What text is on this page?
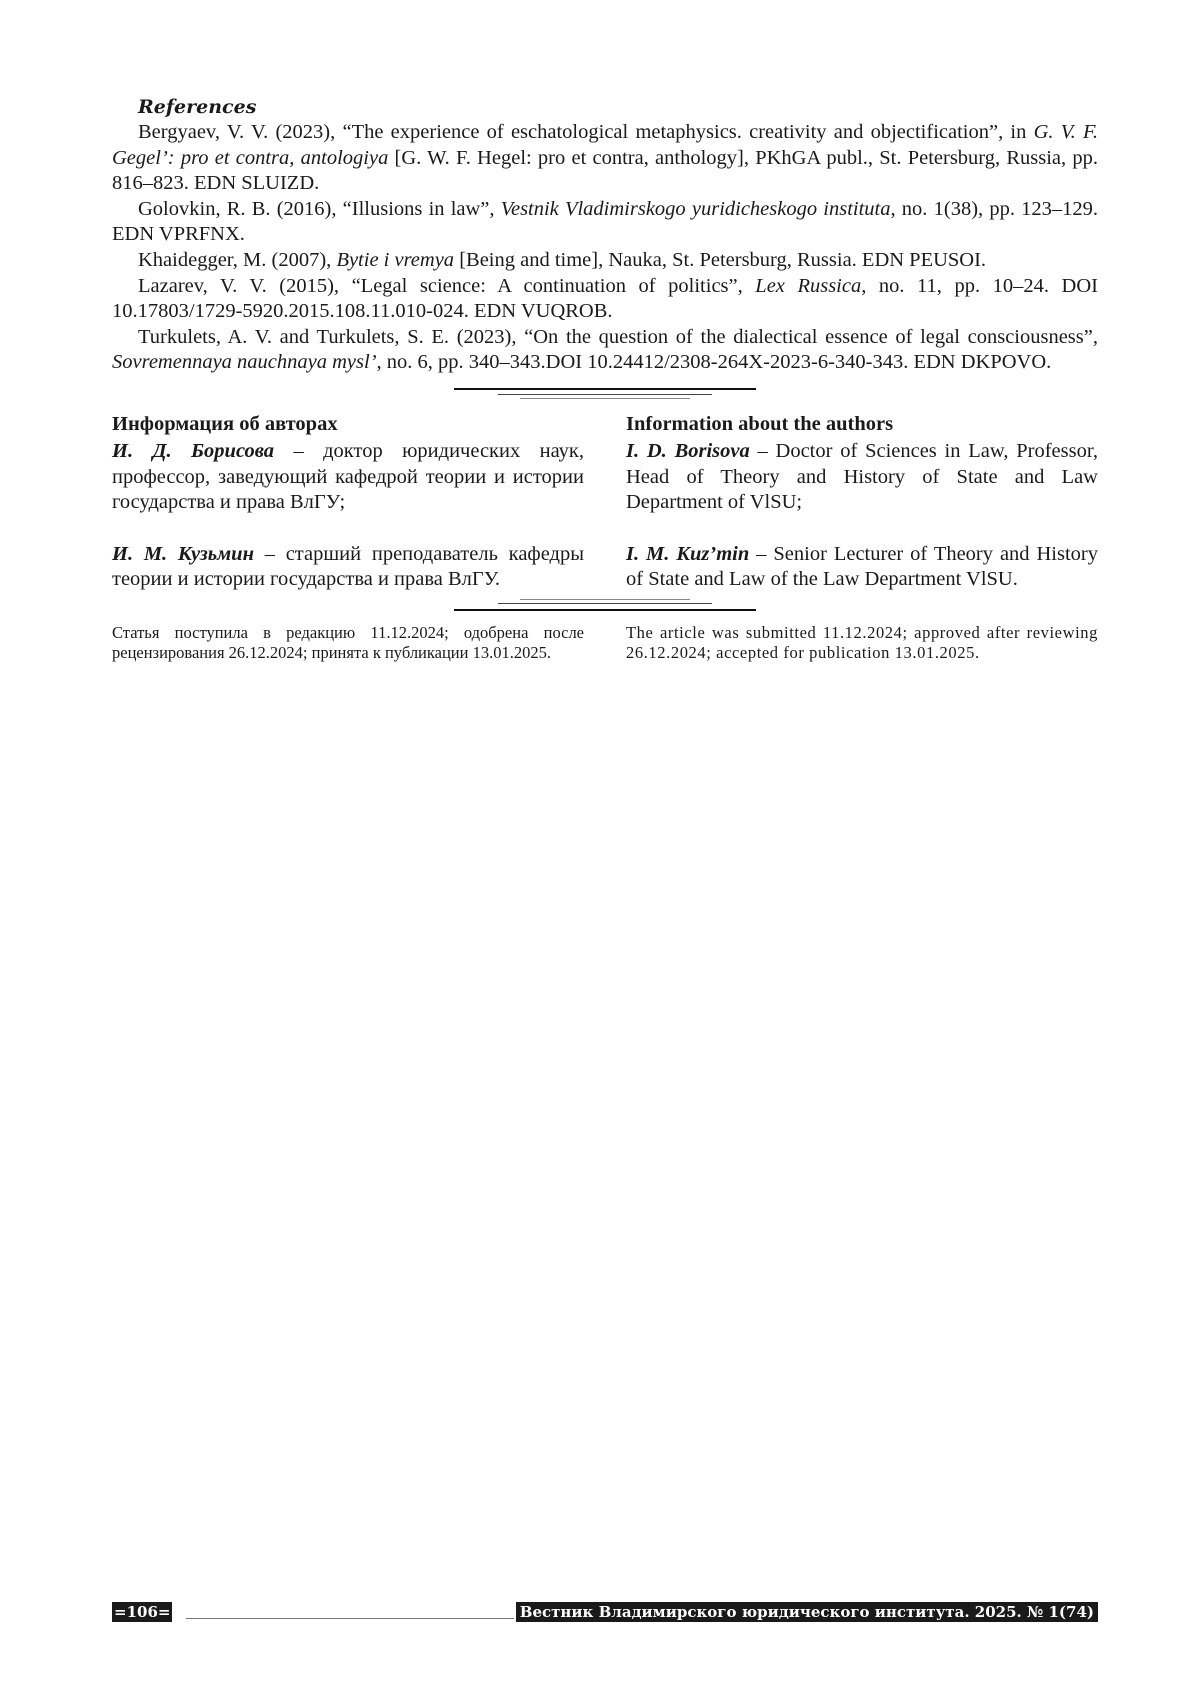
References

Bergyaev, V. V. (2023), “The experience of eschatological metaphysics. creativity and objectification”, in G. V. F. Gegel’: pro et contra, antologiya [G. W. F. Hegel: pro et contra, anthology], PKhGA publ., St. Petersburg, Russia, pp. 816–823. EDN SLUIZD.

Golovkin, R. B. (2016), “Illusions in law”, Vestnik Vladimirskogo yuridicheskogo instituta, no. 1(38), pp. 123–129. EDN VPRFNX.

Khaidegger, M. (2007), Bytie i vremya [Being and time], Nauka, St. Petersburg, Russia. EDN PEUSOI.

Lazarev, V. V. (2015), “Legal science: A continuation of politics”, Lex Russica, no. 11, pp. 10–24. DOI 10.17803/1729-5920.2015.108.11.010-024. EDN VUQROB.

Turkulets, A. V. and Turkulets, S. E. (2023), “On the question of the dialectical essence of legal consciousness”, Sovremennaya nauchnaya mysl’, no. 6, pp. 340–343.DOI 10.24412/2308-264X-2023-6-340-343. EDN DKPOVO.

Информация об авторах

И. Д. Борисова – доктор юридических наук, профессор, заведующий кафедрой теории и истории государства и права ВлГУ;

И. М. Кузьмин – старший преподаватель кафедры теории и истории государства и права ВлГУ.

Information about the authors

I. D. Borisova – Doctor of Sciences in Law, Professor, Head of Theory and History of State and Law Department of VlSU;

I. M. Kuz’min – Senior Lecturer of Theory and History of State and Law of the Law Department VlSU.

Статья поступила в редакцию 11.12.2024; одобрена после рецензирования 26.12.2024; принята к публикации 13.01.2025.

The article was submitted 11.12.2024; approved after reviewing 26.12.2024; accepted for publication 13.01.2025.

=106=	Вестник Владимирского юридического института. 2025. № 1(74)
